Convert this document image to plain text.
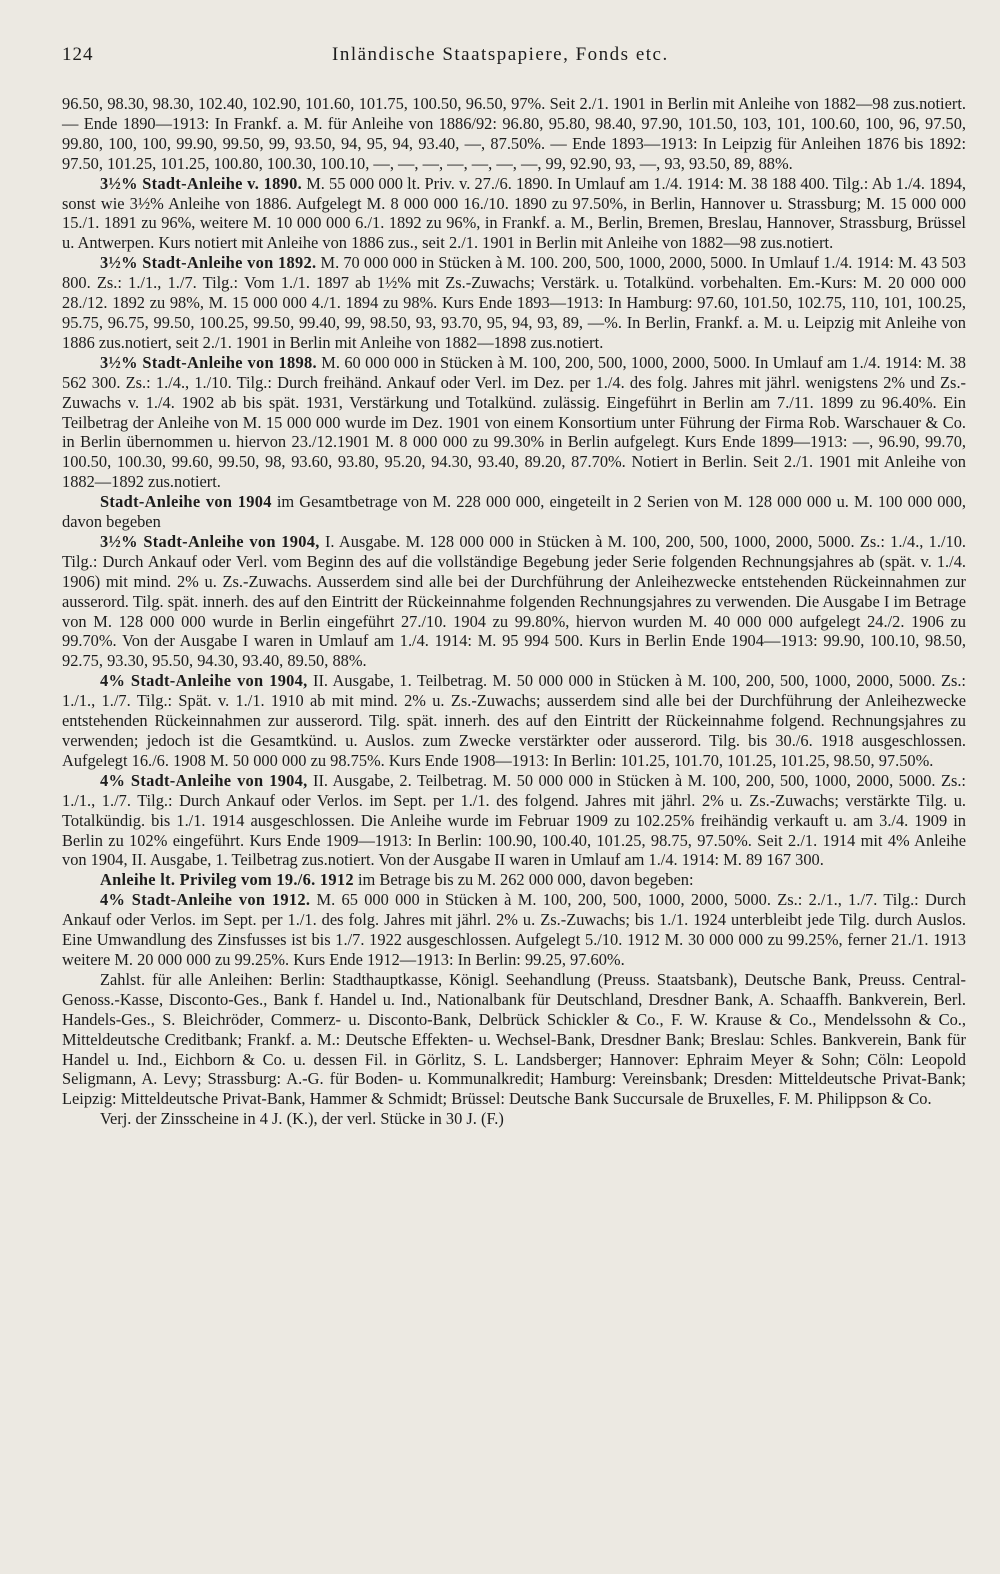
124	Inländische Staatspapiere, Fonds etc.

96.50, 98.30, 98.30, 102.40, 102.90, 101.60, 101.75, 100.50, 96.50, 97%. Seit 2./1. 1901 in Berlin mit Anleihe von 1882—98 zus.notiert. — Ende 1890—1913: In Frankf. a. M. für Anleihe von 1886/92: 96.80, 95.80, 98.40, 97.90, 101.50, 103, 101, 100.60, 100, 96, 97.50, 99.80, 100, 100, 99.90, 99.50, 99, 93.50, 94, 95, 94, 93.40, —, 87.50%. — Ende 1893—1913: In Leipzig für Anleihen 1876 bis 1892: 97.50, 101.25, 101.25, 100.80, 100.30, 100.10, —, —, —, —, —, —, —, 99, 92.90, 93, —, 93, 93.50, 89, 88%.

3½% Stadt-Anleihe v. 1890. M. 55 000 000 lt. Priv. v. 27./6. 1890. In Umlauf am 1./4. 1914: M. 38 188 400. Tilg.: Ab 1./4. 1894, sonst wie 3½% Anleihe von 1886. Aufgelegt M. 8 000 000 16./10. 1890 zu 97.50%, in Berlin, Hannover u. Strassburg; M. 15 000 000 15./1. 1891 zu 96%, weitere M. 10 000 000 6./1. 1892 zu 96%, in Frankf. a. M., Berlin, Bremen, Breslau, Hannover, Strassburg, Brüssel u. Antwerpen. Kurs notiert mit Anleihe von 1886 zus., seit 2./1. 1901 in Berlin mit Anleihe von 1882—98 zus.notiert.

3½% Stadt-Anleihe von 1892. M. 70 000 000 in Stücken à M. 100. 200, 500, 1000, 2000, 5000. In Umlauf 1./4. 1914: M. 43 503 800. Zs.: 1./1., 1./7. Tilg.: Vom 1./1. 1897 ab 1½% mit Zs.-Zuwachs; Verstärk. u. Totalkünd. vorbehalten. Em.-Kurs: M. 20 000 000 28./12. 1892 zu 98%, M. 15 000 000 4./1. 1894 zu 98%. Kurs Ende 1893—1913: In Hamburg: 97.60, 101.50, 102.75, 110, 101, 100.25, 95.75, 96.75, 99.50, 100.25, 99.50, 99.40, 99, 98.50, 93, 93.70, 95, 94, 93, 89, —%. In Berlin, Frankf. a. M. u. Leipzig mit Anleihe von 1886 zus.notiert, seit 2./1. 1901 in Berlin mit Anleihe von 1882—1898 zus.notiert.

3½% Stadt-Anleihe von 1898. M. 60 000 000 in Stücken à M. 100, 200, 500, 1000, 2000, 5000. In Umlauf am 1./4. 1914: M. 38 562 300. Zs.: 1./4., 1./10. Tilg.: Durch freihänd. Ankauf oder Verl. im Dez. per 1./4. des folg. Jahres mit jährl. wenigstens 2% und Zs.-Zuwachs v. 1./4. 1902 ab bis spät. 1931, Verstärkung und Totalkünd. zulässig. Eingeführt in Berlin am 7./11. 1899 zu 96.40%. Ein Teilbetrag der Anleihe von M. 15 000 000 wurde im Dez. 1901 von einem Konsortium unter Führung der Firma Rob. Warschauer & Co. in Berlin übernommen u. hiervon 23./12.1901 M. 8 000 000 zu 99.30% in Berlin aufgelegt. Kurs Ende 1899—1913: —, 96.90, 99.70, 100.50, 100.30, 99.60, 99.50, 98, 93.60, 93.80, 95.20, 94.30, 93.40, 89.20, 87.70%. Notiert in Berlin. Seit 2./1. 1901 mit Anleihe von 1882—1892 zus.notiert.

Stadt-Anleihe von 1904 im Gesamtbetrage von M. 228 000 000, eingeteilt in 2 Serien von M. 128 000 000 u. M. 100 000 000, davon begeben

3½% Stadt-Anleihe von 1904, I. Ausgabe. M. 128 000 000 in Stücken à M. 100, 200, 500, 1000, 2000, 5000. Zs.: 1./4., 1./10. Tilg.: Durch Ankauf oder Verl. vom Beginn des auf die vollständige Begebung jeder Serie folgenden Rechnungsjahres ab (spät. v. 1./4. 1906) mit mind. 2% u. Zs.-Zuwachs. Ausserdem sind alle bei der Durchführung der Anleihezwecke entstehenden Rückeinnahmen zur ausserord. Tilg. spät. innerh. des auf den Eintritt der Rückeinnahme folgenden Rechnungsjahres zu verwenden. Die Ausgabe I im Betrage von M. 128 000 000 wurde in Berlin eingeführt 27./10. 1904 zu 99.80%, hiervon wurden M. 40 000 000 aufgelegt 24./2. 1906 zu 99.70%. Von der Ausgabe I waren in Umlauf am 1./4. 1914: M. 95 994 500. Kurs in Berlin Ende 1904—1913: 99.90, 100.10, 98.50, 92.75, 93.30, 95.50, 94.30, 93.40, 89.50, 88%.

4% Stadt-Anleihe von 1904, II. Ausgabe, 1. Teilbetrag. M. 50 000 000 in Stücken à M. 100, 200, 500, 1000, 2000, 5000. Zs.: 1./1., 1./7. Tilg.: Spät. v. 1./1. 1910 ab mit mind. 2% u. Zs.-Zuwachs; ausserdem sind alle bei der Durchführung der Anleihezwecke entstehenden Rückeinnahmen zur ausserord. Tilg. spät. innerh. des auf den Eintritt der Rückeinnahme folgend. Rechnungsjahres zu verwenden; jedoch ist die Gesamtkünd. u. Auslos. zum Zwecke verstärkter oder ausserord. Tilg. bis 30./6. 1918 ausgeschlossen. Aufgelegt 16./6. 1908 M. 50 000 000 zu 98.75%. Kurs Ende 1908—1913: In Berlin: 101.25, 101.70, 101.25, 101.25, 98.50, 97.50%.

4% Stadt-Anleihe von 1904, II. Ausgabe, 2. Teilbetrag. M. 50 000 000 in Stücken à M. 100, 200, 500, 1000, 2000, 5000. Zs.: 1./1., 1./7. Tilg.: Durch Ankauf oder Verlos. im Sept. per 1./1. des folgend. Jahres mit jährl. 2% u. Zs.-Zuwachs; verstärkte Tilg. u. Totalkündig. bis 1./1. 1914 ausgeschlossen. Die Anleihe wurde im Februar 1909 zu 102.25% freihändig verkauft u. am 3./4. 1909 in Berlin zu 102% eingeführt. Kurs Ende 1909—1913: In Berlin: 100.90, 100.40, 101.25, 98.75, 97.50%. Seit 2./1. 1914 mit 4% Anleihe von 1904, II. Ausgabe, 1. Teilbetrag zus.notiert. Von der Ausgabe II waren in Umlauf am 1./4. 1914: M. 89 167 300.

Anleihe lt. Privileg vom 19./6. 1912 im Betrage bis zu M. 262 000 000, davon begeben:

4% Stadt-Anleihe von 1912. M. 65 000 000 in Stücken à M. 100, 200, 500, 1000, 2000, 5000. Zs.: 2./1., 1./7. Tilg.: Durch Ankauf oder Verlos. im Sept. per 1./1. des folg. Jahres mit jährl. 2% u. Zs.-Zuwachs; bis 1./1. 1924 unterbleibt jede Tilg. durch Auslos. Eine Umwandlung des Zinsfusses ist bis 1./7. 1922 ausgeschlossen. Aufgelegt 5./10. 1912 M. 30 000 000 zu 99.25%, ferner 21./1. 1913 weitere M. 20 000 000 zu 99.25%. Kurs Ende 1912—1913: In Berlin: 99.25, 97.60%.

Zahlst. für alle Anleihen: Berlin: Stadthauptkasse, Königl. Seehandlung (Preuss. Staatsbank), Deutsche Bank, Preuss. Central-Genoss.-Kasse, Disconto-Ges., Bank f. Handel u. Ind., Nationalbank für Deutschland, Dresdner Bank, A. Schaaffh. Bankverein, Berl. Handels-Ges., S. Bleichröder, Commerz- u. Disconto-Bank, Delbrück Schickler & Co., F. W. Krause & Co., Mendelssohn & Co., Mitteldeutsche Creditbank; Frankf. a. M.: Deutsche Effekten- u. Wechsel-Bank, Dresdner Bank; Breslau: Schles. Bankverein, Bank für Handel u. Ind., Eichborn & Co. u. dessen Fil. in Görlitz, S. L. Landsberger; Hannover: Ephraim Meyer & Sohn; Cöln: Leopold Seligmann, A. Levy; Strassburg: A.-G. für Boden- u. Kommunalkredit; Hamburg: Vereinsbank; Dresden: Mitteldeutsche Privat-Bank; Leipzig: Mitteldeutsche Privat-Bank, Hammer & Schmidt; Brüssel: Deutsche Bank Succursale de Bruxelles, F. M. Philippson & Co.

Verj. der Zinsscheine in 4 J. (K.), der verl. Stücke in 30 J. (F.)
